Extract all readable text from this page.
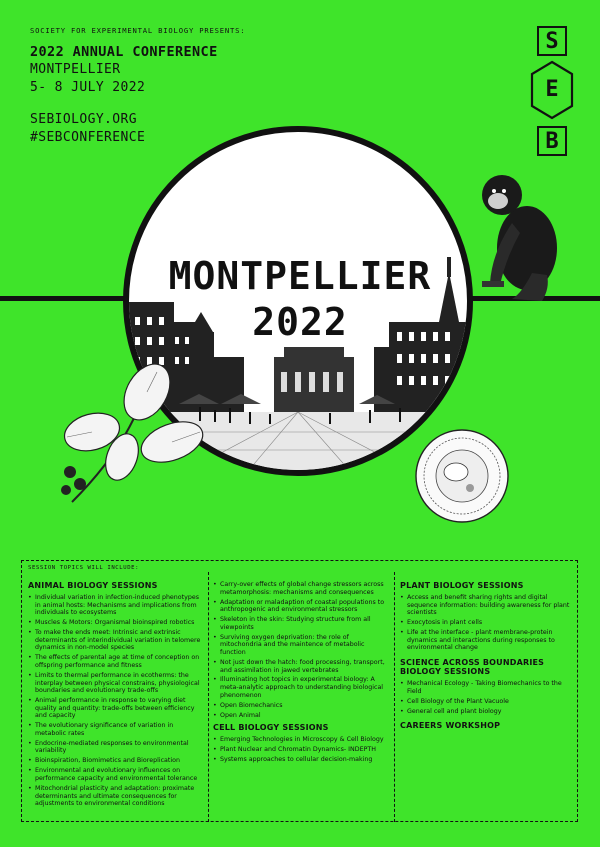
SOCIETY FOR EXPERIMENTAL BIOLOGY PRESENTS:
2022 ANNUAL CONFERENCE
MONTPELLIER
5- 8 JULY 2022
SEBIOLOGY.ORG
#SEBCONFERENCE
S
E
B
MONTPELLIER
2022
SESSION TOPICS WILL INCLUDE:
ANIMAL BIOLOGY SESSIONS
• Individual variation in infection-induced phenotypes in animal hosts: Mechanisms and implications from individuals to ecosystems
• Muscles & Motors: Organismal bioinspired robotics
• To make the ends meet: Intrinsic and extrinsic determinants of interindividual variation in telomere dynamics in non-model species
• The effects of parental age at time of conception on offspring performance and fitness
• Limits to thermal performance in ecotherms: the interplay between physical constrains, physiological boundaries and evolutionary trade-offs
• Animal performance in response to varying diet quality and quantity: trade-offs between efficiency and capacity
• The evolutionary significance of variation in metabolic rates
• Endocrine-mediated responses to environmental variability
• Bioinspiration, Biomimetics and Bioreplication
• Environmental and evolutionary influences on performance capacity and environmental tolerance
• Mitochondrial plasticity and adaptation: proximate determinants and ultimate consequences for adjustments to environmental conditions
• Carry-over effects of global change stressors across metamorphosis: mechanisms and consequences
• Adaptation or maladaption of coastal populations to anthropogenic and environmental stressors
• Skeleton in the skin: Studying structure from all viewpoints
• Surviving oxygen deprivation: the role of mitochondria and the maintence of metabolic function
• Not just down the hatch: food processing, transport, and assimilation in jawed vertebrates
• Illuminating hot topics in experimental biology: A meta-analytic approach to understanding biological phenomenon
• Open Biomechanics
• Open Animal
CELL BIOLOGY SESSIONS
• Emerging Technologies in Microscopy & Cell Biology
• Plant Nuclear and Chromatin Dynamics- INDEPTH
• Systems approaches to cellular decision-making
PLANT BIOLOGY SESSIONS
• Access and benefit sharing rights and digital sequence information: building awareness for plant scientists
• Exocytosis in plant cells
• Life at the interface - plant membrane-protein dynamics and interactions during responses to environmental change
SCIENCE ACROSS BOUNDARIES
BIOLOGY SESSIONS
• Mechanical Ecology - Taking Biomechanics to the Field
• Cell Biology of the Plant Vacuole
• General cell and plant biology
CAREERS WORKSHOP
